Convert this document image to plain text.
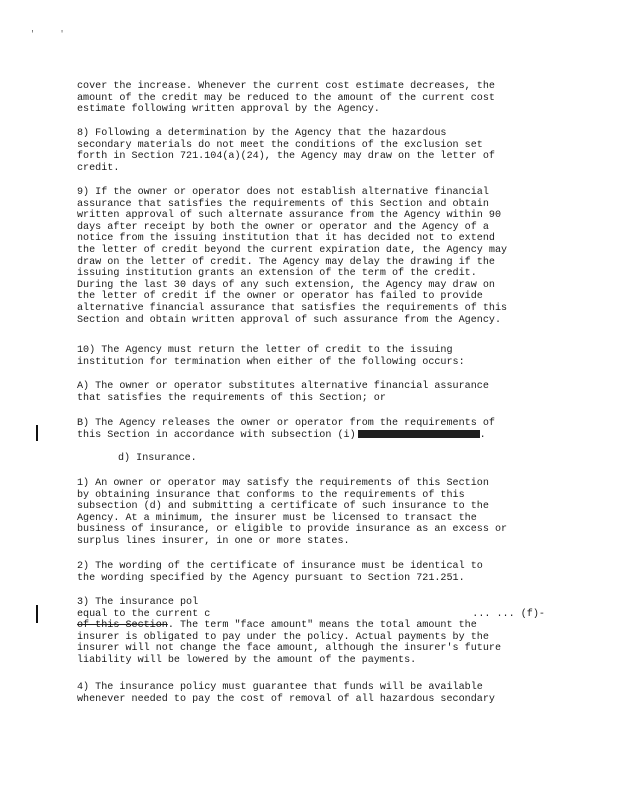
' '
cover the increase. Whenever the current cost estimate decreases, the
amount of the credit may be reduced to the amount of the current cost
estimate following written approval by the Agency.
8) Following a determination by the Agency that the hazardous
secondary materials do not meet the conditions of the exclusion set
forth in Section 721.104(a)(24), the Agency may draw on the letter of
credit.
9) If the owner or operator does not establish alternative financial
assurance that satisfies the requirements of this Section and obtain
written approval of such alternate assurance from the Agency within 90
days after receipt by both the owner or operator and the Agency of a
notice from the issuing institution that it has decided not to extend
the letter of credit beyond the current expiration date, the Agency may
draw on the letter of credit. The Agency may delay the drawing if the
issuing institution grants an extension of the term of the credit.
During the last 30 days of any such extension, the Agency may draw on
the letter of credit if the owner or operator has failed to provide
alternative financial assurance that satisfies the requirements of this
Section and obtain written approval of such assurance from the Agency.
10) The Agency must return the letter of credit to the issuing
institution for termination when either of the following occurs:
A) The owner or operator substitutes alternative financial assurance
that satisfies the requirements of this Section; or
B) The Agency releases the owner or operator from the requirements of
this Section in accordance with subsection (i)	.
d) Insurance.
1) An owner or operator may satisfy the requirements of this Section
by obtaining insurance that conforms to the requirements of this
subsection (d) and submitting a certificate of such insurance to the
Agency. At a minimum, the insurer must be licensed to transact the
business of insurance, or eligible to provide insurance as an excess or
surplus lines insurer, in one or more states.
2) The wording of the certificate of insurance must be identical to
the wording specified by the Agency pursuant to Section 721.251.
3) The insurance pol
equal to the current c	... ... (f)-
of this Section. The term "face amount" means the total amount the
insurer is obligated to pay under the policy. Actual payments by the
insurer will not change the face amount, although the insurer's future
liability will be lowered by the amount of the payments.
4) The insurance policy must guarantee that funds will be available
whenever needed to pay the cost of removal of all hazardous secondary
